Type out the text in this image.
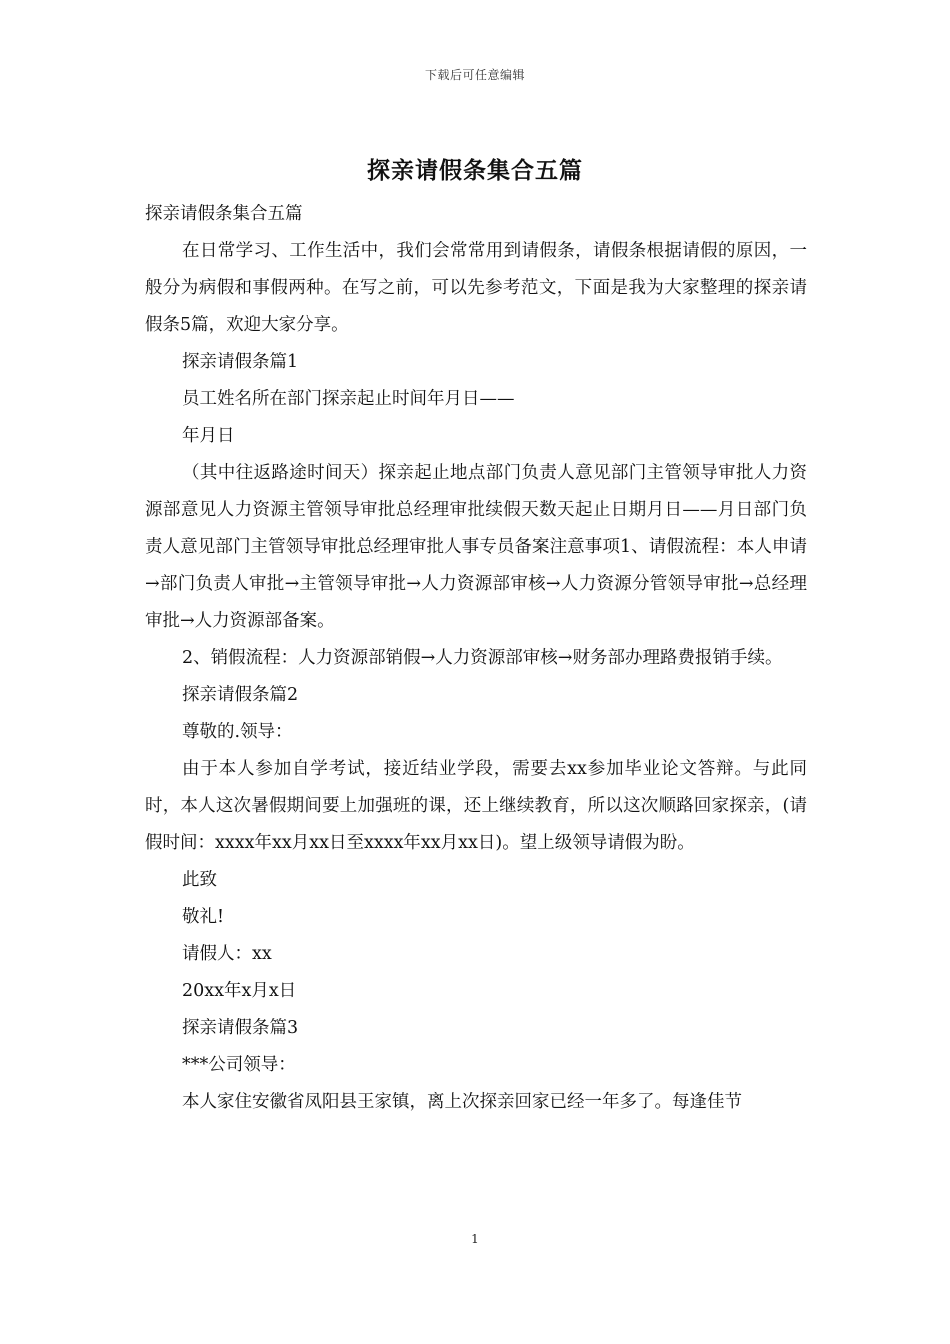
下载后可任意编辑
探亲请假条集合五篇

探亲请假条集合五篇

在日常学习、工作生活中，我们会常常用到请假条，请假条根据请假的原因，一般分为病假和事假两种。在写之前，可以先参考范文，下面是我为大家整理的探亲请假条5篇，欢迎大家分享。

探亲请假条篇1

员工姓名所在部门探亲起止时间年月日——

年月日

（其中往返路途时间天）探亲起止地点部门负责人意见部门主管领导审批人力资源部意见人力资源主管领导审批总经理审批续假天数天起止日期月日——月日部门负责人意见部门主管领导审批总经理审批人事专员备案注意事项1、请假流程：本人申请→部门负责人审批→主管领导审批→人力资源部审核→人力资源分管领导审批→总经理审批→人力资源部备案。

2、销假流程：人力资源部销假→人力资源部审核→财务部办理路费报销手续。

探亲请假条篇2

尊敬的.领导：

由于本人参加自学考试，接近结业学段，需要去xx参加毕业论文答辩。与此同时，本人这次暑假期间要上加强班的课，还上继续教育，所以这次顺路回家探亲，(请假时间：xxxx年xx月xx日至xxxx年xx月xx日)。望上级领导请假为盼。

此致

敬礼!

请假人：xx

20xx年x月x日

探亲请假条篇3

***公司领导：

本人家住安徽省凤阳县王家镇，离上次探亲回家已经一年多了。每逢佳节

1
